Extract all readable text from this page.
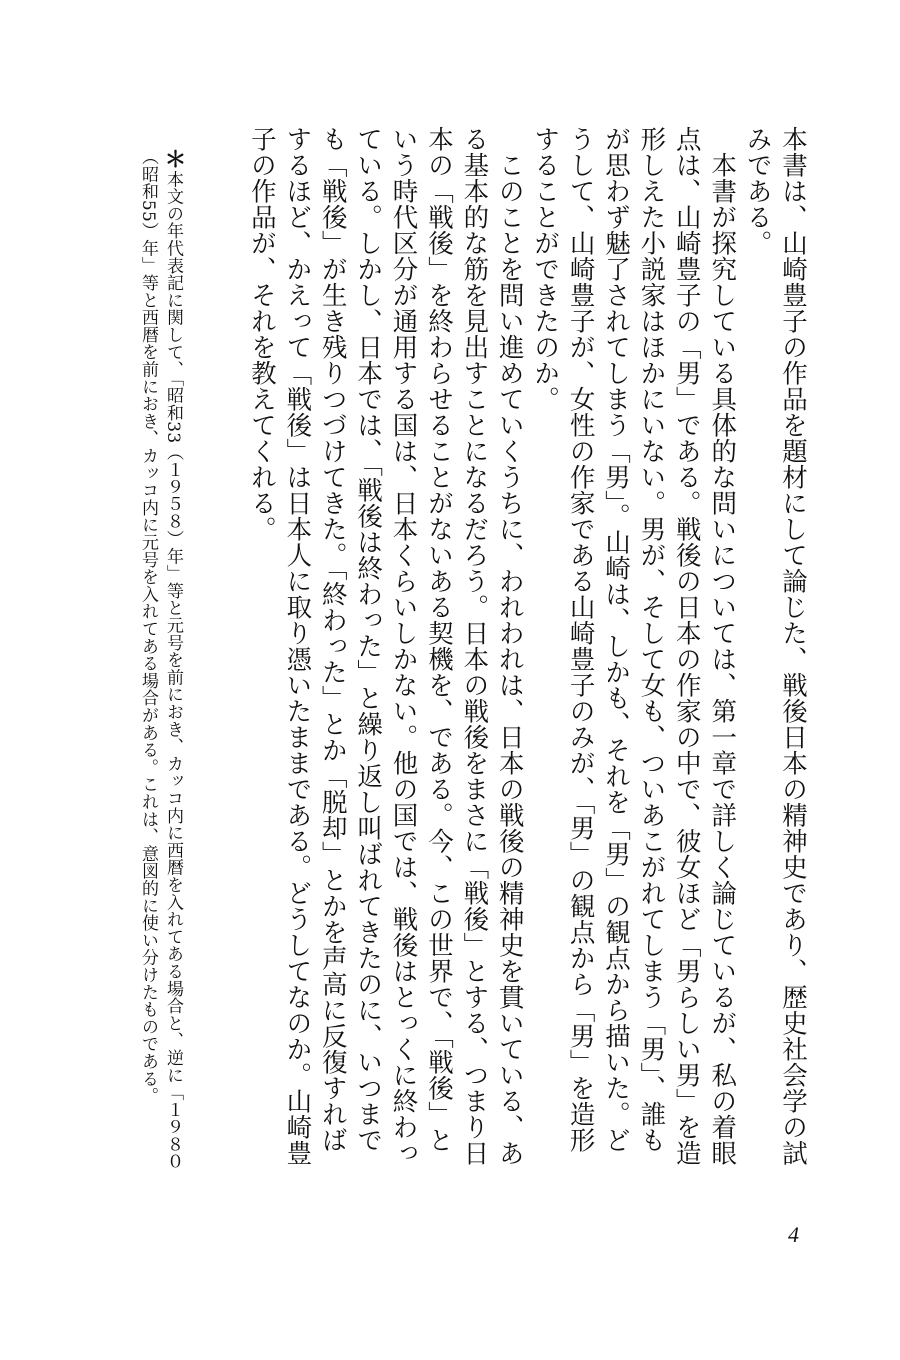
本書は、山崎豊子の作品を題材にして論じた、戦後日本の精神史であり、歴史社会学の試みである。

本書が探究している具体的な問いについては、第一章で詳しく論じているが、私の着眼点は、山崎豊子の「男」である。戦後の日本の作家の中で、彼女ほど「男らしい男」を造形しえた小説家はほかにいない。男が、そして女も、ついあこがれてしまう「男」、誰もが思わず魅了されてしまう「男」。山崎は、しかも、それを「男」の観点から描いた。どうして、山崎豊子が、女性の作家である山崎豊子のみが、「男」の観点から「男」を造形することができたのか。

このことを問い進めていくうちに、われわれは、日本の戦後の精神史を貫いている、ある基本的な筋を見出すことになるだろう。日本の戦後をまさに「戦後」とする、つまり日本の「戦後」を終わらせることがないある契機を、である。今、この世界で、「戦後」という時代区分が通用する国は、日本くらいしかない。他の国では、戦後はとっくに終わっている。しかし、日本では、「戦後は終わった」と繰り返し叫ばれてきたのに、いつまでも「戦後」が生き残りつづけてきた。「終わった」とか「脱却」とかを声高に反復すればするほど、かえって「戦後」は日本人に取り憑いたままである。どうしてなのか。山崎豊子の作品が、それを教えてくれる。

＊本文の年代表記に関して、「昭和33（１９５８）年」等と元号を前におき、カッコ内に西暦を入れてある場合と、逆に「１９８０（昭和55）年」等と西暦を前におき、カッコ内に元号を入れてある場合がある。これは、意図的に使い分けたものである。
4
